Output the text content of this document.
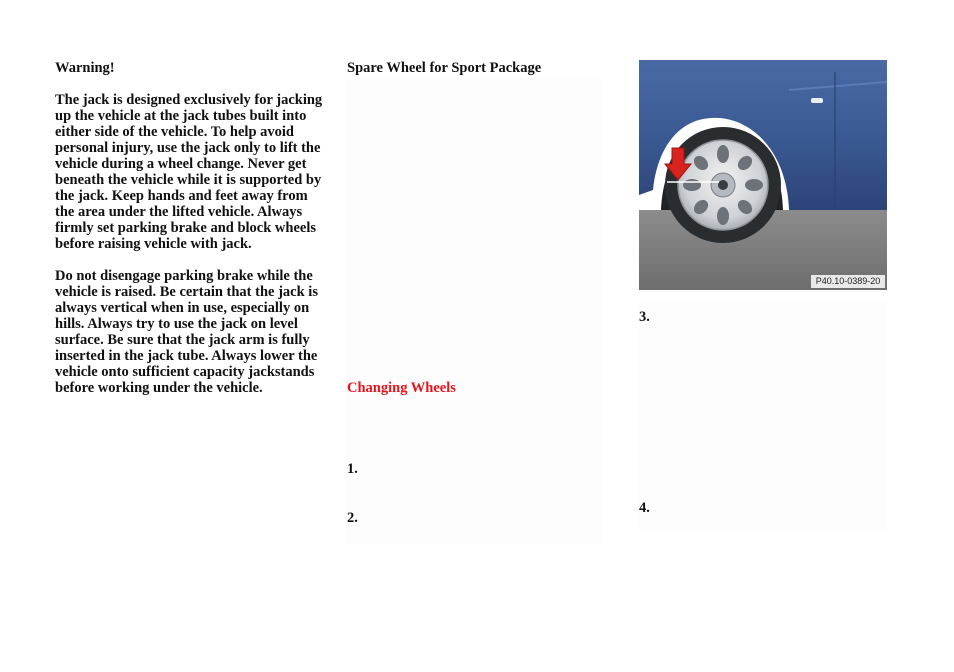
Warning!

The jack is designed exclusively for jacking up the vehicle at the jack tubes built into either side of the vehicle. To help avoid personal injury, use the jack only to lift the vehicle during a wheel change. Never get beneath the vehicle while it is supported by the jack. Keep hands and feet away from the area under the lifted vehicle. Always firmly set parking brake and block wheels before raising vehicle with jack.

Do not disengage parking brake while the vehicle is raised. Be certain that the jack is always vertical when in use, especially on hills. Always try to use the jack on level surface. Be sure that the jack arm is fully inserted in the jack tube. Always lower the vehicle onto sufficient capacity jackstands before working under the vehicle.

Spare Wheel for Sport Package
Changing Wheels
1.
2.
P40.10-0389-20
3.
4.
